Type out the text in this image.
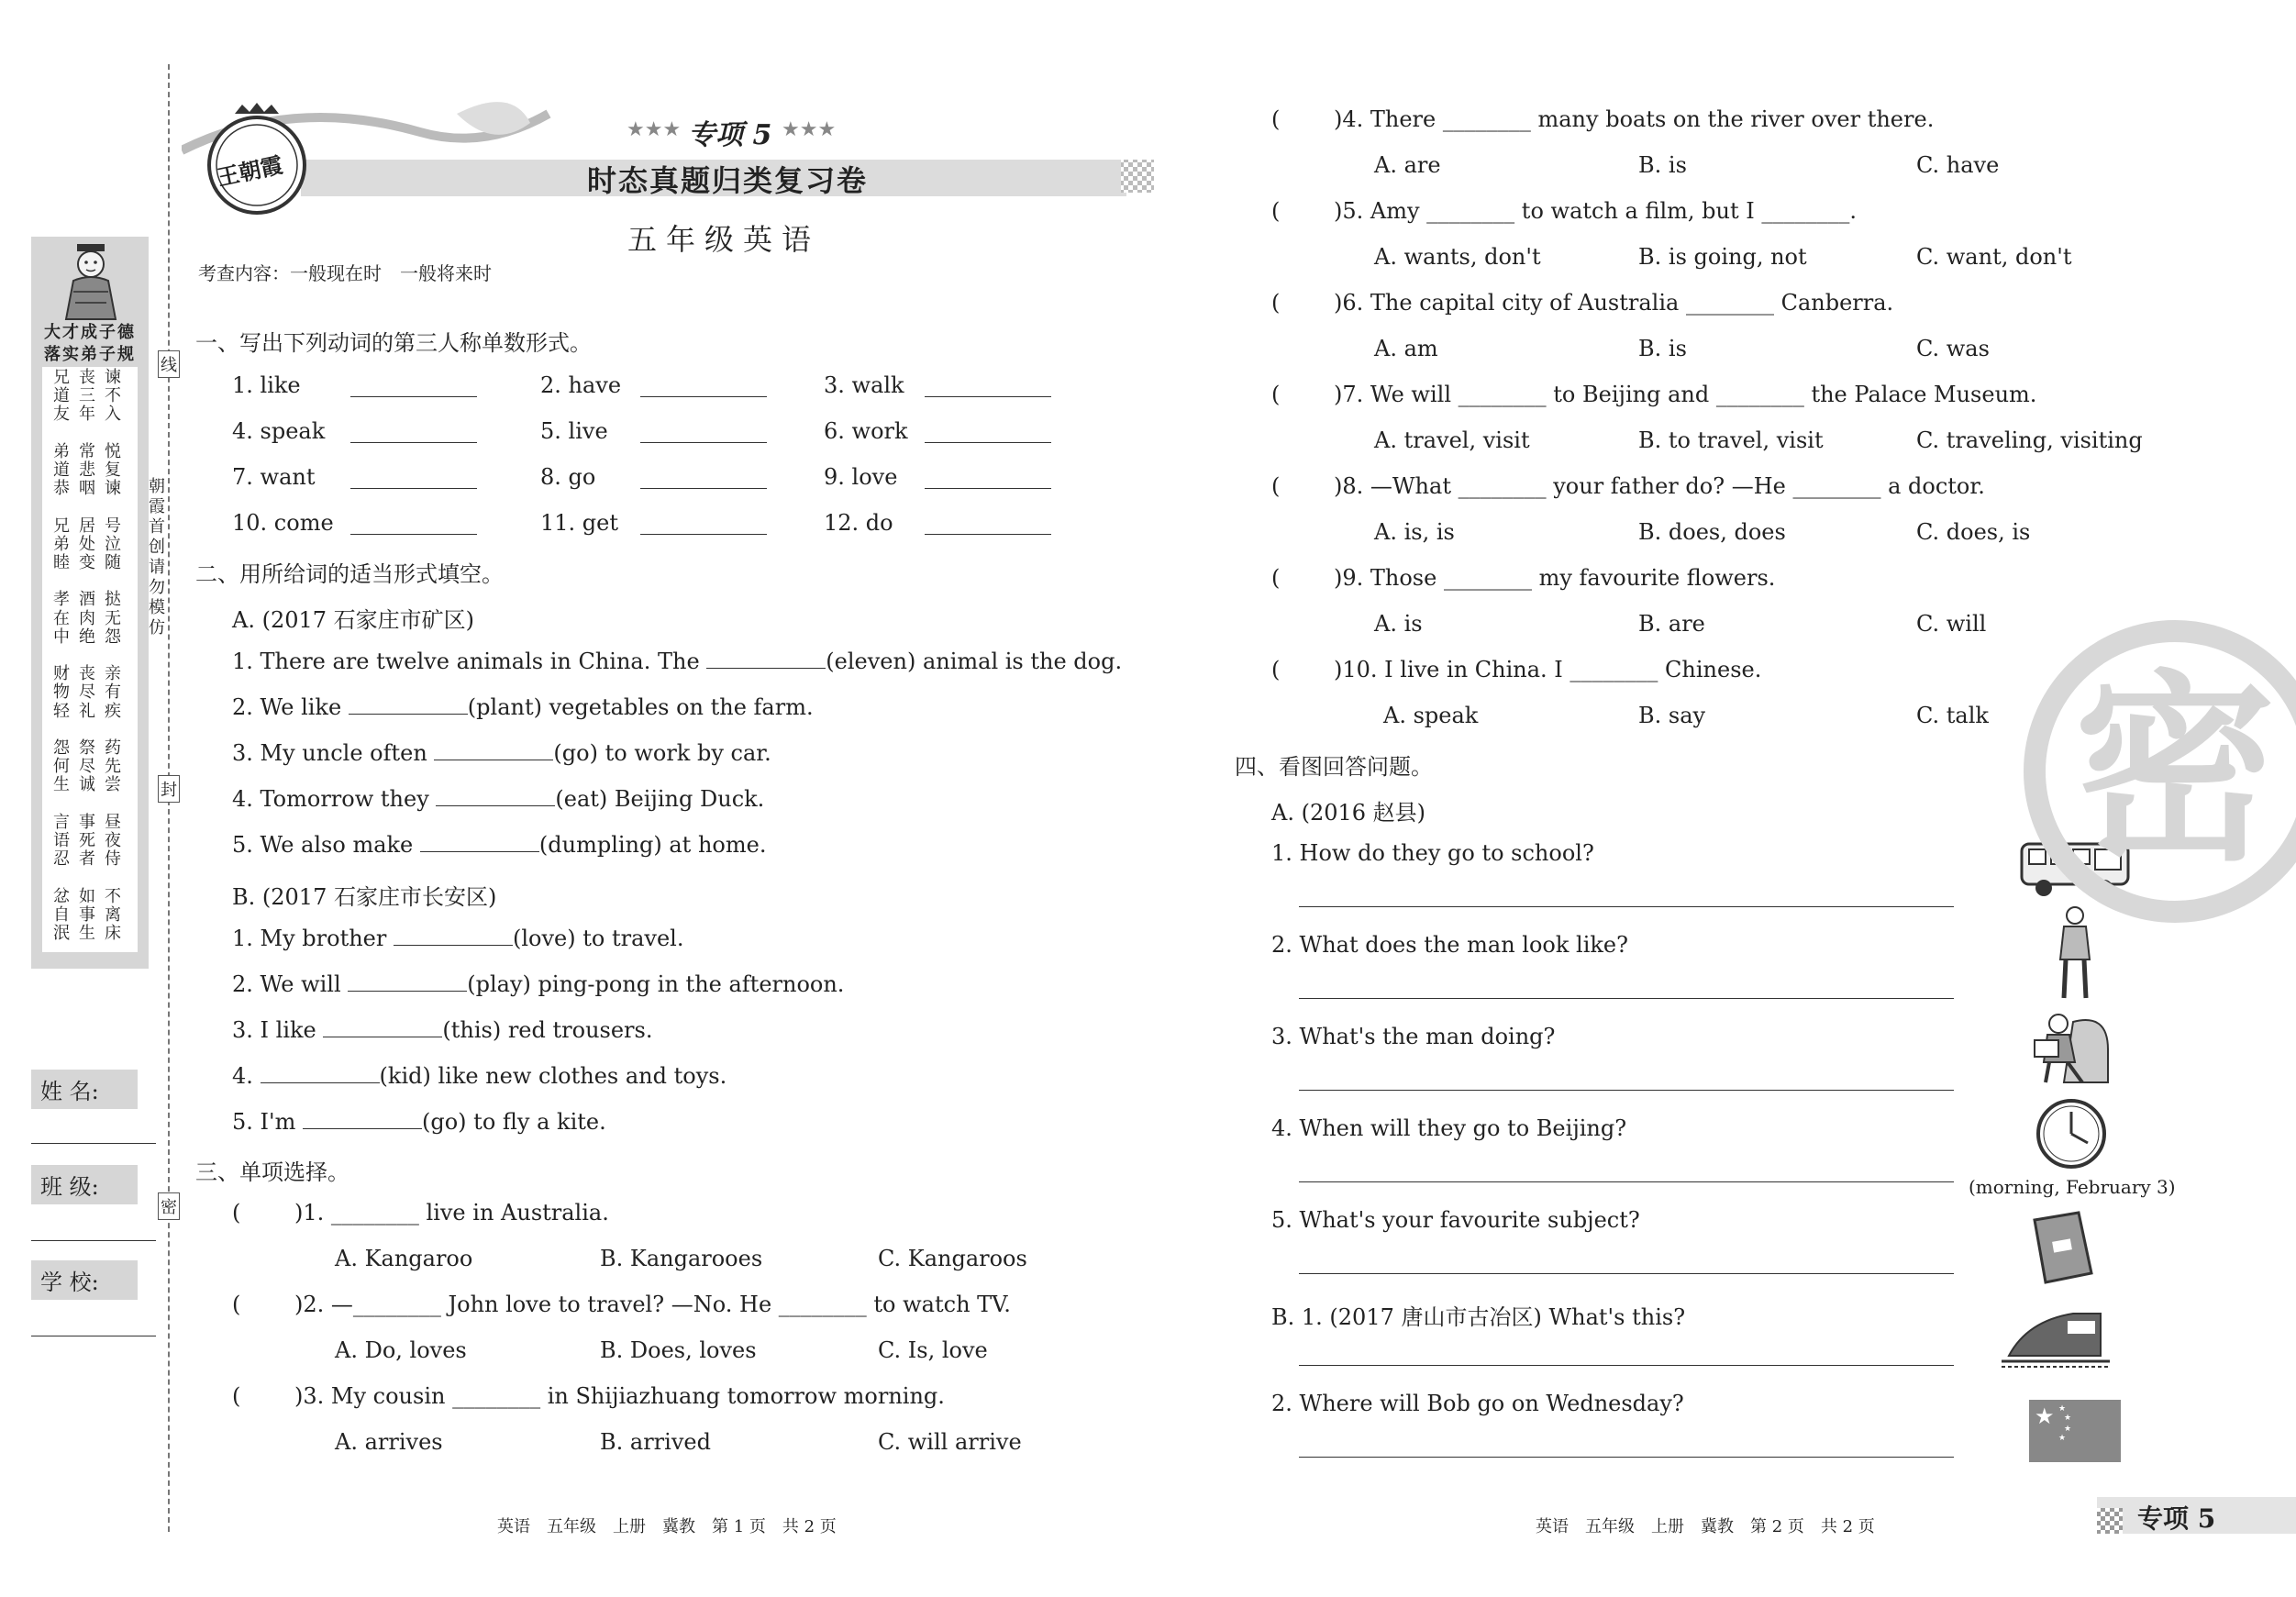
大才成子德
落实弟子规
兄
道
友
弟
道
恭
兄
弟
睦
孝
在
中
财
物
轻
怨
何
生
言
语
忍
忿
自
泯
丧
三
年
常
悲
咽
居
处
变
酒
肉
绝
丧
尽
礼
祭
尽
诚
事
死
者
如
事
生
谏
不
入
悦
复
谏
号
泣
随
挞
无
怨
亲
有
疾
药
先
尝
昼
夜
侍
不
离
床
朝霞首创　请勿模仿
线
封
密
姓 名:
班 级:
学 校:
王朝霞
★★★ 专项 5 ★★★
时态真题归类复习卷
五年级英语
考查内容：一般现在时　一般将来时
一、写出下列动词的第三人称单数形式。
1. like	2. have	3. walk
4. speak	5. live	6. work
7. want	8. go	9. love
10. come	11. get	12. do
二、用所给词的适当形式填空。
A. (2017 石家庄市矿区)
1. There are twelve animals in China. The	(eleven) animal is the dog.
2. We like	(plant) vegetables on the farm.
3. My uncle often	(go) to work by car.
4. Tomorrow they	(eat) Beijing Duck.
5. We also make	(dumpling) at home.
B. (2017 石家庄市长安区)
1. My brother	(love) to travel.
2. We will	(play) ping-pong in the afternoon.
3. I like	(this) red trousers.
4.	(kid) like new clothes and toys.
5. I'm	(go) to fly a kite.
三、单项选择。
(	)1. ________ live in Australia.
A. Kangaroo	B. Kangarooes	C. Kangaroos
(	)2. —________ John love to travel? —No. He ________ to watch TV.
A. Do, loves	B. Does, loves	C. Is, love
(	)3. My cousin ________ in Shijiazhuang tomorrow morning.
A. arrives	B. arrived	C. will arrive
(	)4. There ________ many boats on the river over there.
A. are	B. is	C. have
(	)5. Amy ________ to watch a film, but I ________.
A. wants, don't	B. is going, not	C. want, don't
(	)6. The capital city of Australia ________ Canberra.
A. am	B. is	C. was
(	)7. We will ________ to Beijing and ________ the Palace Museum.
A. travel, visit	B. to travel, visit	C. traveling, visiting
(	)8. —What ________ your father do? —He ________ a doctor.
A. is, is	B. does, does	C. does, is
(	)9. Those ________ my favourite flowers.
A. is	B. are	C. will
(	)10. I live in China. I ________ Chinese.
A. speak	B. say	C. talk
四、看图回答问题。
A. (2016 赵县)
1. How do they go to school?
2. What does the man look like?
3. What's the man doing?
4. When will they go to Beijing?
5. What's your favourite subject?
B. 1. (2017 唐山市古冶区) What's this?
2. Where will Bob go on Wednesday?
(morning, February 3)
★ ★
★
★
★
密
英语　五年级　上册　冀教　第 1 页　共 2 页	英语　五年级　上册　冀教　第 2 页　共 2 页	专项 5
